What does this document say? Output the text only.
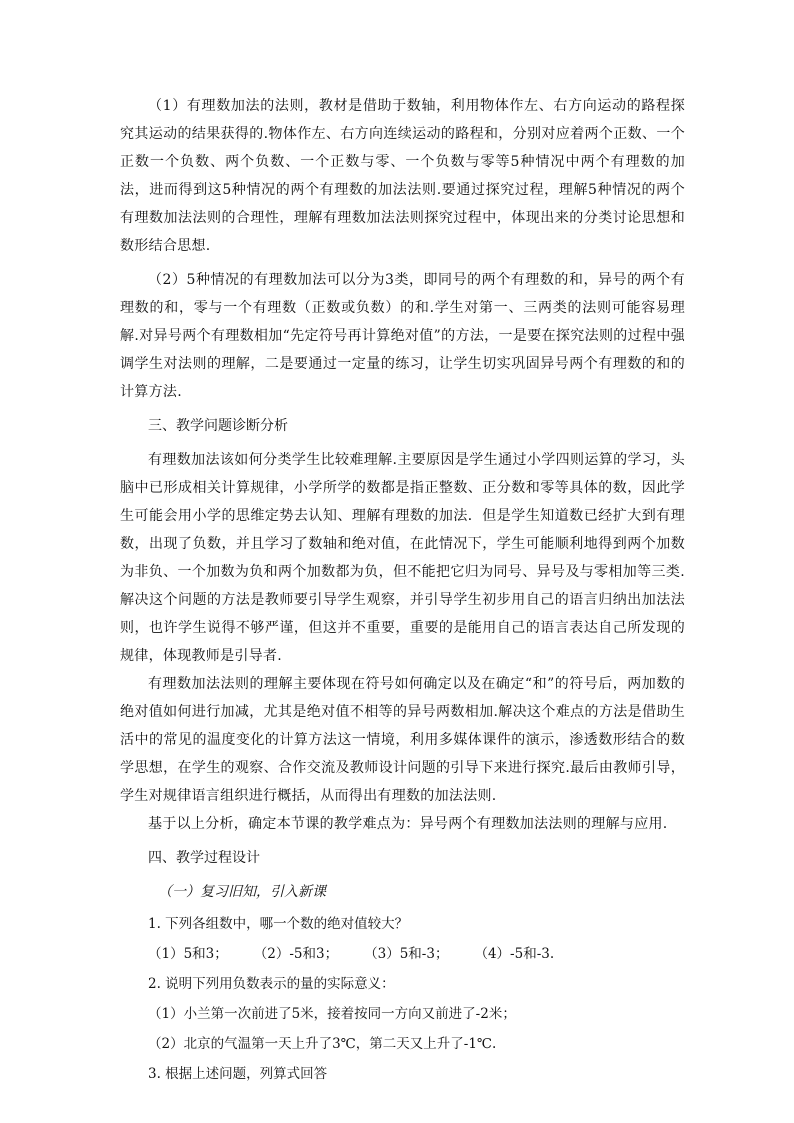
（1）有理数加法的法则，教材是借助于数轴，利用物体作左、右方向运动的路程探究其运动的结果获得的.物体作左、右方向连续运动的路程和，分别对应着两个正数、一个正数一个负数、两个负数、一个正数与零、一个负数与零等5种情况中两个有理数的加法，进而得到这5种情况的两个有理数的加法法则.要通过探究过程，理解5种情况的两个有理数加法法则的合理性，理解有理数加法法则探究过程中，体现出来的分类讨论思想和数形结合思想.

（2）5种情况的有理数加法可以分为3类，即同号的两个有理数的和，异号的两个有理数的和，零与一个有理数（正数或负数）的和.学生对第一、三两类的法则可能容易理解.对异号两个有理数相加“先定符号再计算绝对值”的方法，一是要在探究法则的过程中强调学生对法则的理解，二是要通过一定量的练习，让学生切实巩固异号两个有理数的和的计算方法.

三、教学问题诊断分析

有理数加法该如何分类学生比较难理解.主要原因是学生通过小学四则运算的学习，头脑中已形成相关计算规律，小学所学的数都是指正整数、正分数和零等具体的数，因此学生可能会用小学的思维定势去认知、理解有理数的加法．但是学生知道数已经扩大到有理数，出现了负数，并且学习了数轴和绝对值，在此情况下，学生可能顺利地得到两个加数为非负、一个加数为负和两个加数都为负，但不能把它归为同号、异号及与零相加等三类.解决这个问题的方法是教师要引导学生观察，并引导学生初步用自己的语言归纳出加法法则，也许学生说得不够严谨，但这并不重要，重要的是能用自己的语言表达自己所发现的规律，体现教师是引导者.

有理数加法法则的理解主要体现在符号如何确定以及在确定“和”的符号后，两加数的绝对值如何进行加减，尤其是绝对值不相等的异号两数相加.解决这个难点的方法是借助生活中的常见的温度变化的计算方法这一情境，利用多媒体课件的演示，渗透数形结合的数学思想，在学生的观察、合作交流及教师设计问题的引导下来进行探究.最后由教师引导，学生对规律语言组织进行概括，从而得出有理数的加法法则.

基于以上分析，确定本节课的教学难点为：异号两个有理数加法法则的理解与应用.

四、教学过程设计
（一）复习旧知，引入新课
1. 下列各组数中，哪一个数的绝对值较大？
（1）5和3； （2）-5和3； （3）5和-3； （4）-5和-3.
2. 说明下列用负数表示的量的实际意义：
（1）小兰第一次前进了5米，接着按同一方向又前进了-2米；
（2）北京的气温第一天上升了3℃，第二天又上升了-1℃.
3. 根据上述问题，列算式回答
